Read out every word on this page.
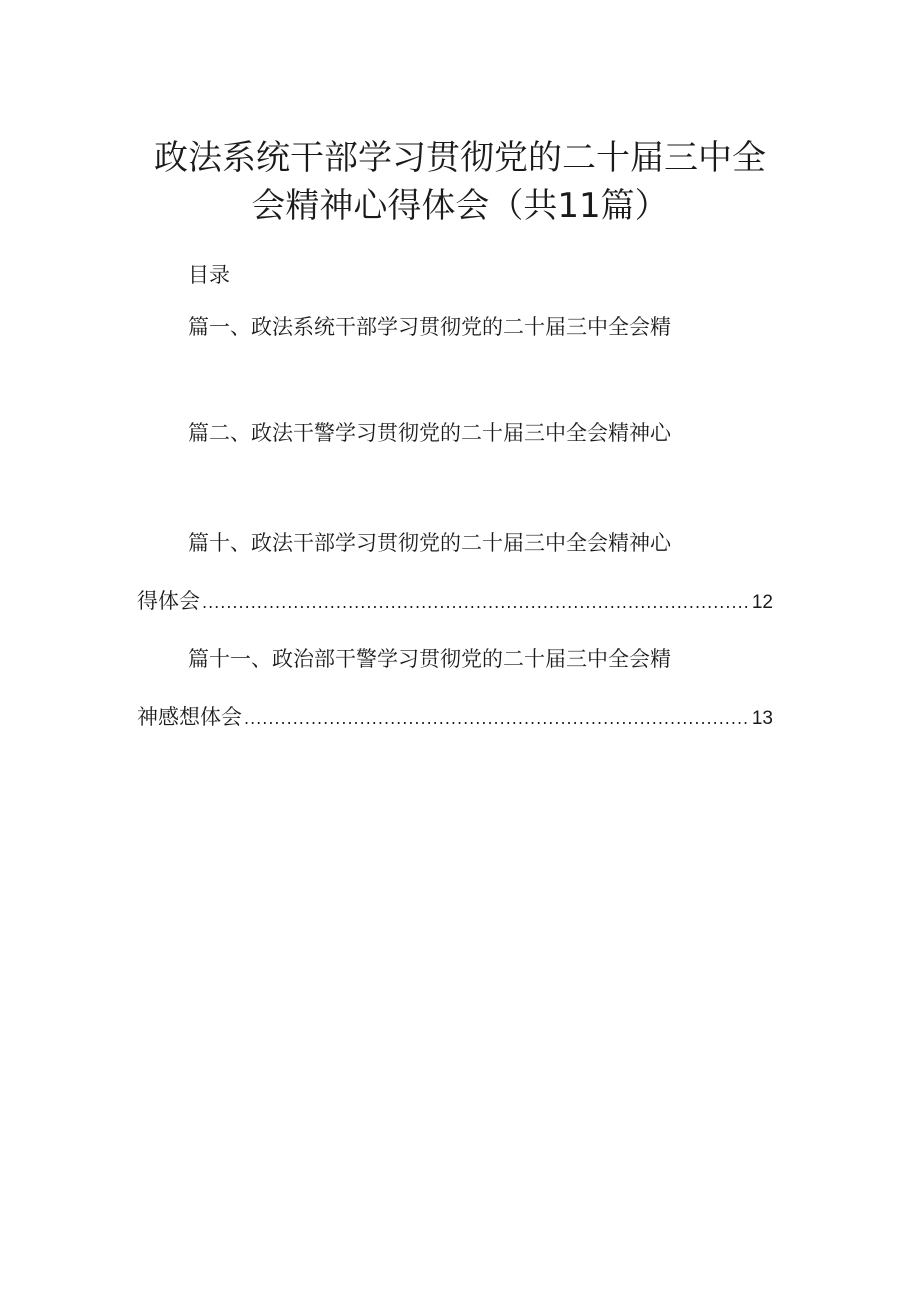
政法系统干部学习贯彻党的二十届三中全
会精神心得体会（共11篇）
目录
篇一、政法系统干部学习贯彻党的二十届三中全会精
篇二、政法干警学习贯彻党的二十届三中全会精神心
篇十、政法干部学习贯彻党的二十届三中全会精神心
得体会 .....	12
篇十一、政治部干警学习贯彻党的二十届三中全会精
神感想体会 .....	13
